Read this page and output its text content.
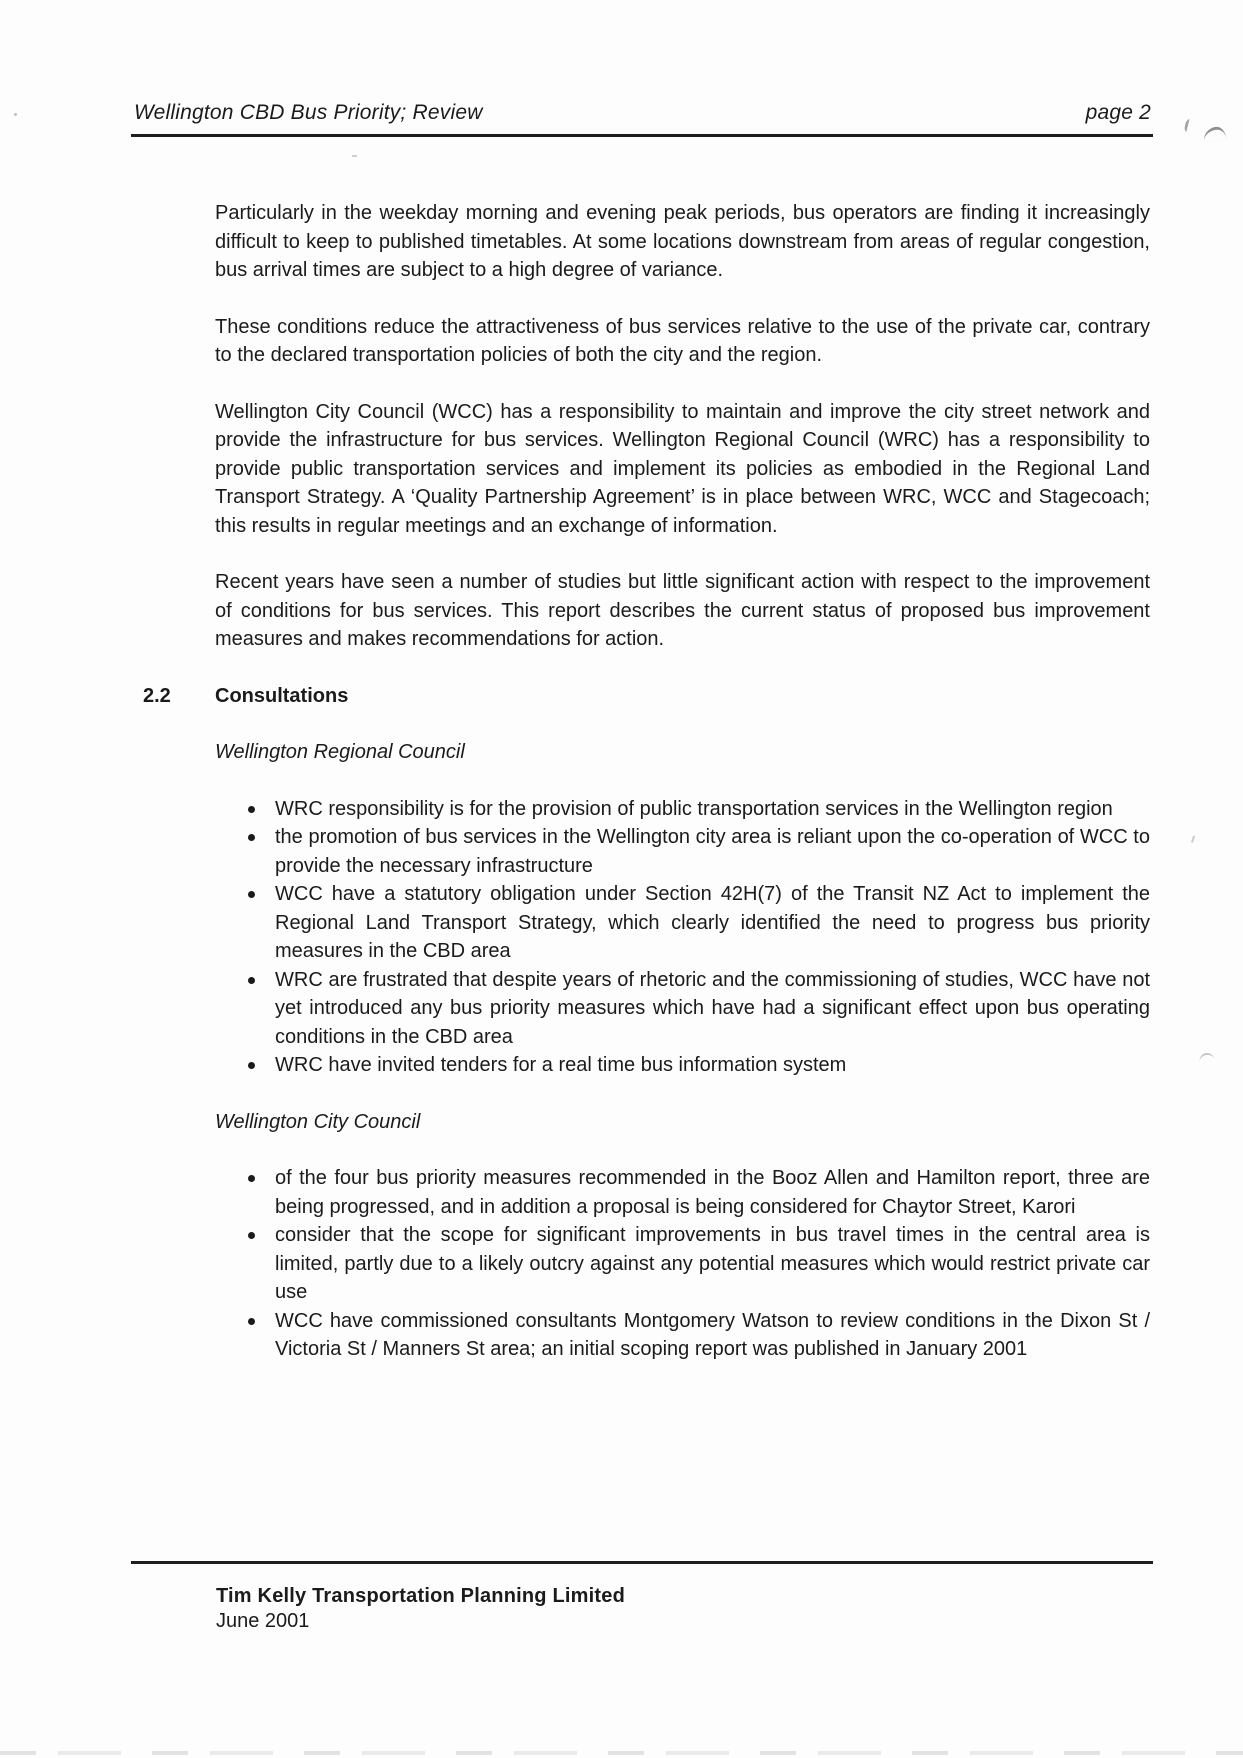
Wellington CBD Bus Priority; Review	page 2

Particularly in the weekday morning and evening peak periods, bus operators are finding it increasingly difficult to keep to published timetables. At some locations downstream from areas of regular congestion, bus arrival times are subject to a high degree of variance.

These conditions reduce the attractiveness of bus services relative to the use of the private car, contrary to the declared transportation policies of both the city and the region.

Wellington City Council (WCC) has a responsibility to maintain and improve the city street network and provide the infrastructure for bus services. Wellington Regional Council (WRC) has a responsibility to provide public transportation services and implement its policies as embodied in the Regional Land Transport Strategy. A ‘Quality Partnership Agreement’ is in place between WRC, WCC and Stagecoach; this results in regular meetings and an exchange of information.

Recent years have seen a number of studies but little significant action with respect to the improvement of conditions for bus services. This report describes the current status of proposed bus improvement measures and makes recommendations for action.

2.2 Consultations
Wellington Regional Council
WRC responsibility is for the provision of public transportation services in the Wellington region
the promotion of bus services in the Wellington city area is reliant upon the co-operation of WCC to provide the necessary infrastructure
WCC have a statutory obligation under Section 42H(7) of the Transit NZ Act to implement the Regional Land Transport Strategy, which clearly identified the need to progress bus priority measures in the CBD area
WRC are frustrated that despite years of rhetoric and the commissioning of studies, WCC have not yet introduced any bus priority measures which have had a significant effect upon bus operating conditions in the CBD area
WRC have invited tenders for a real time bus information system
Wellington City Council
of the four bus priority measures recommended in the Booz Allen and Hamilton report, three are being progressed, and in addition a proposal is being considered for Chaytor Street, Karori
consider that the scope for significant improvements in bus travel times in the central area is limited, partly due to a likely outcry against any potential measures which would restrict private car use
WCC have commissioned consultants Montgomery Watson to review conditions in the Dixon St / Victoria St / Manners St area; an initial scoping report was published in January 2001
Tim Kelly Transportation Planning Limited
June 2001
